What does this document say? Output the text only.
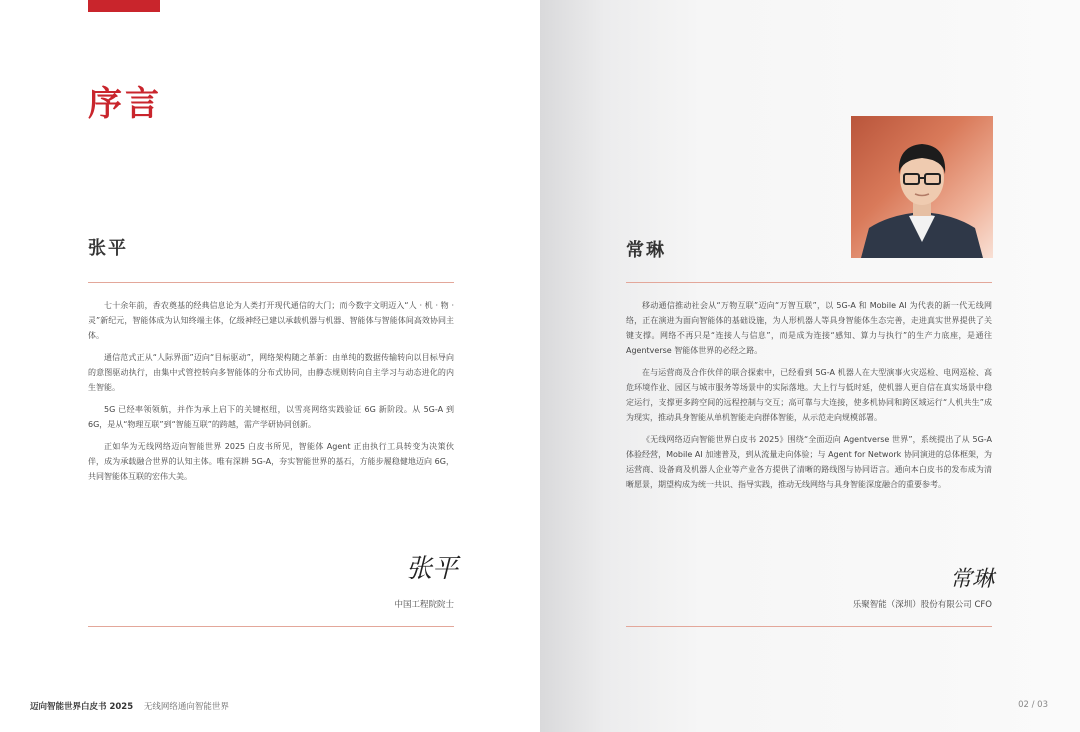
序言
张平

七十余年前，香农奠基的经典信息论为人类打开现代通信的大门；而今数字文明迈入“人 · 机 · 物 · 灵”新纪元，智能体成为认知终端主体，亿级神经已建以承载机器与机器、智能体与智能体间高效协同主体。

通信范式正从“人际界面”迈向“目标驱动”，网络架构随之革新：由单纯的数据传输转向以目标导向的意图驱动执行，由集中式管控转向多智能体的分布式协同，由静态规则转向自主学习与动态进化的内生智能。

5G 已经率领领航，并作为承上启下的关键枢纽，以雪亮网络实践验证 6G 新阶段。从 5G-A 到 6G，是从“物理互联”到“智能互联”的跨越，需产学研协同创新。

正如华为无线网络迈向智能世界 2025 白皮书所见，智能体 Agent 正由执行工具转变为决策伙伴，成为承载融合世界的认知主体。唯有深耕 5G-A，夯实智能世界的基石，方能步履稳健地迈向 6G，共同智能体互联的宏伟大美。

张平
中国工程院院士
常琳

移动通信推动社会从“万物互联”迈向“万智互联”，以 5G-A 和 Mobile AI 为代表的新一代无线网络，正在演进为面向智能体的基础设施，为人形机器人等具身智能体生态完善，走进真实世界提供了关键支撑。网络不再只是“连接人与信息”，而是成为连接“感知、算力与执行”的生产力底座，是通往 Agentverse 智能体世界的必经之路。

在与运营商及合作伙伴的联合探索中，已经看到 5G-A 机器人在大型演事火灾巡检、电网巡检、高危环境作业、园区与城市服务等场景中的实际落地。大上行与低时延，使机器人更自信在真实场景中稳定运行，支撑更多跨空间的远程控制与交互；高可靠与大连接，使多机协同和跨区域运行“人机共生”成为现实，推动具身智能从单机智能走向群体智能，从示范走向规模部署。

《无线网络迈向智能世界白皮书 2025》围绕“全面迈向 Agentverse 世界”，系统提出了从 5G-A 体验经营，Mobile AI 加速普及，到从流量走向体验；与 Agent for Network 协同演进的总体框架，为运营商、设备商及机器人企业等产业各方提供了清晰的路线图与协同语言。通向本白皮书的发布成为清晰愿景，期望构成为统一共识、指导实践，推动无线网络与具身智能深度融合的重要参考。

常琳
乐聚智能（深圳）股份有限公司 CFO
迈向智能世界白皮书 2025 无线网络通向智能世界	02 / 03
